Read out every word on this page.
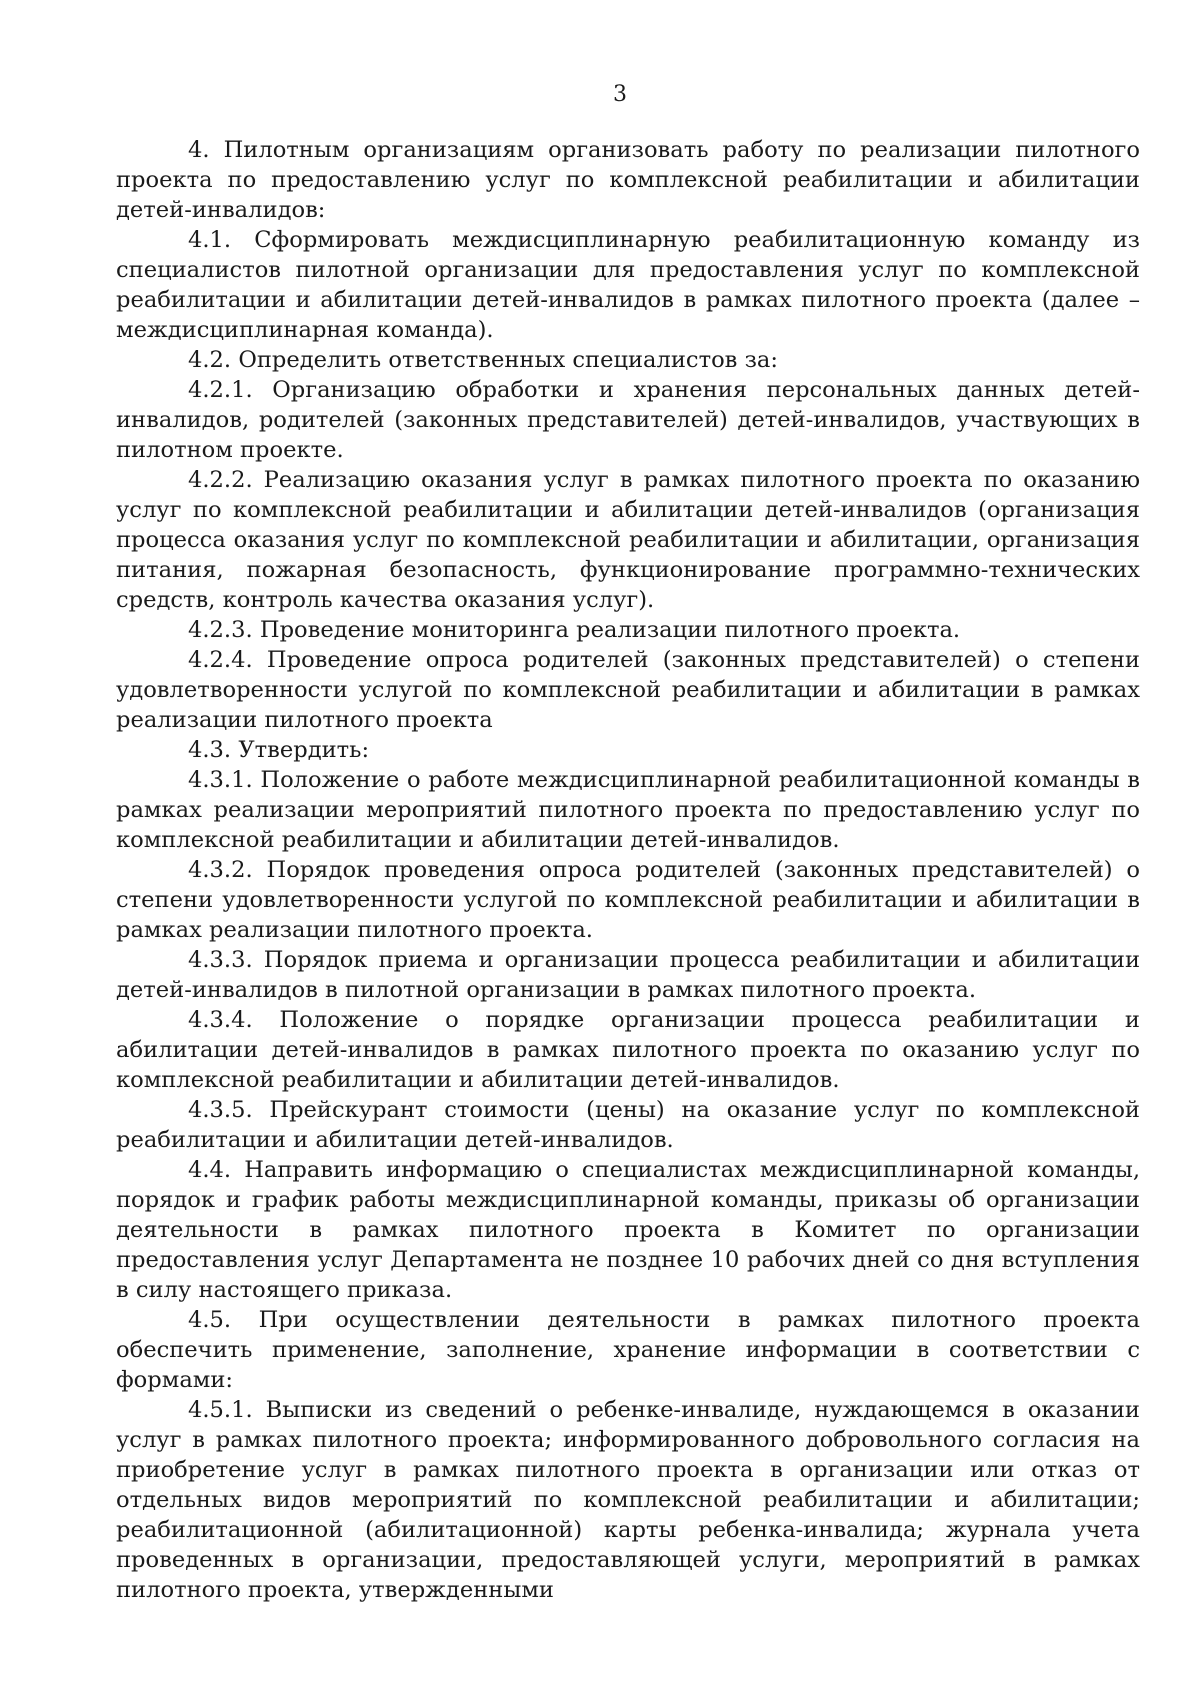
3

4. Пилотным организациям организовать работу по реализации пилотного проекта по предоставлению услуг по комплексной реабилитации и абилитации детей-инвалидов:

4.1. Сформировать междисциплинарную реабилитационную команду из специалистов пилотной организации для предоставления услуг по комплексной реабилитации и абилитации детей-инвалидов в рамках пилотного проекта (далее – междисциплинарная команда).

4.2. Определить ответственных специалистов за:

4.2.1. Организацию обработки и хранения персональных данных детей-инвалидов, родителей (законных представителей) детей-инвалидов, участвующих в пилотном проекте.

4.2.2. Реализацию оказания услуг в рамках пилотного проекта по оказанию услуг по комплексной реабилитации и абилитации детей-инвалидов (организация процесса оказания услуг по комплексной реабилитации и абилитации, организация питания, пожарная безопасность, функционирование программно-технических средств, контроль качества оказания услуг).

4.2.3. Проведение мониторинга реализации пилотного проекта.

4.2.4. Проведение опроса родителей (законных представителей) о степени удовлетворенности услугой по комплексной реабилитации и абилитации в рамках реализации пилотного проекта

4.3. Утвердить:

4.3.1. Положение о работе междисциплинарной реабилитационной команды в рамках реализации мероприятий пилотного проекта по предоставлению услуг по комплексной реабилитации и абилитации детей-инвалидов.

4.3.2. Порядок проведения опроса родителей (законных представителей) о степени удовлетворенности услугой по комплексной реабилитации и абилитации в рамках реализации пилотного проекта.

4.3.3. Порядок приема и организации процесса реабилитации и абилитации детей-инвалидов в пилотной организации в рамках пилотного проекта.

4.3.4. Положение о порядке организации процесса реабилитации и абилитации детей-инвалидов в рамках пилотного проекта по оказанию услуг по комплексной реабилитации и абилитации детей-инвалидов.

4.3.5. Прейскурант стоимости (цены) на оказание услуг по комплексной реабилитации и абилитации детей-инвалидов.

4.4. Направить информацию о специалистах междисциплинарной команды, порядок и график работы междисциплинарной команды, приказы об организации деятельности в рамках пилотного проекта в Комитет по организации предоставления услуг Департамента не позднее 10 рабочих дней со дня вступления в силу настоящего приказа.

4.5. При осуществлении деятельности в рамках пилотного проекта обеспечить применение, заполнение, хранение информации в соответствии с формами:

4.5.1. Выписки из сведений о ребенке-инвалиде, нуждающемся в оказании услуг в рамках пилотного проекта; информированного добровольного согласия на приобретение услуг в рамках пилотного проекта в организации или отказ от отдельных видов мероприятий по комплексной реабилитации и абилитации; реабилитационной (абилитационной) карты ребенка-инвалида; журнала учета проведенных в организации, предоставляющей услуги, мероприятий в рамках пилотного проекта, утвержденными
